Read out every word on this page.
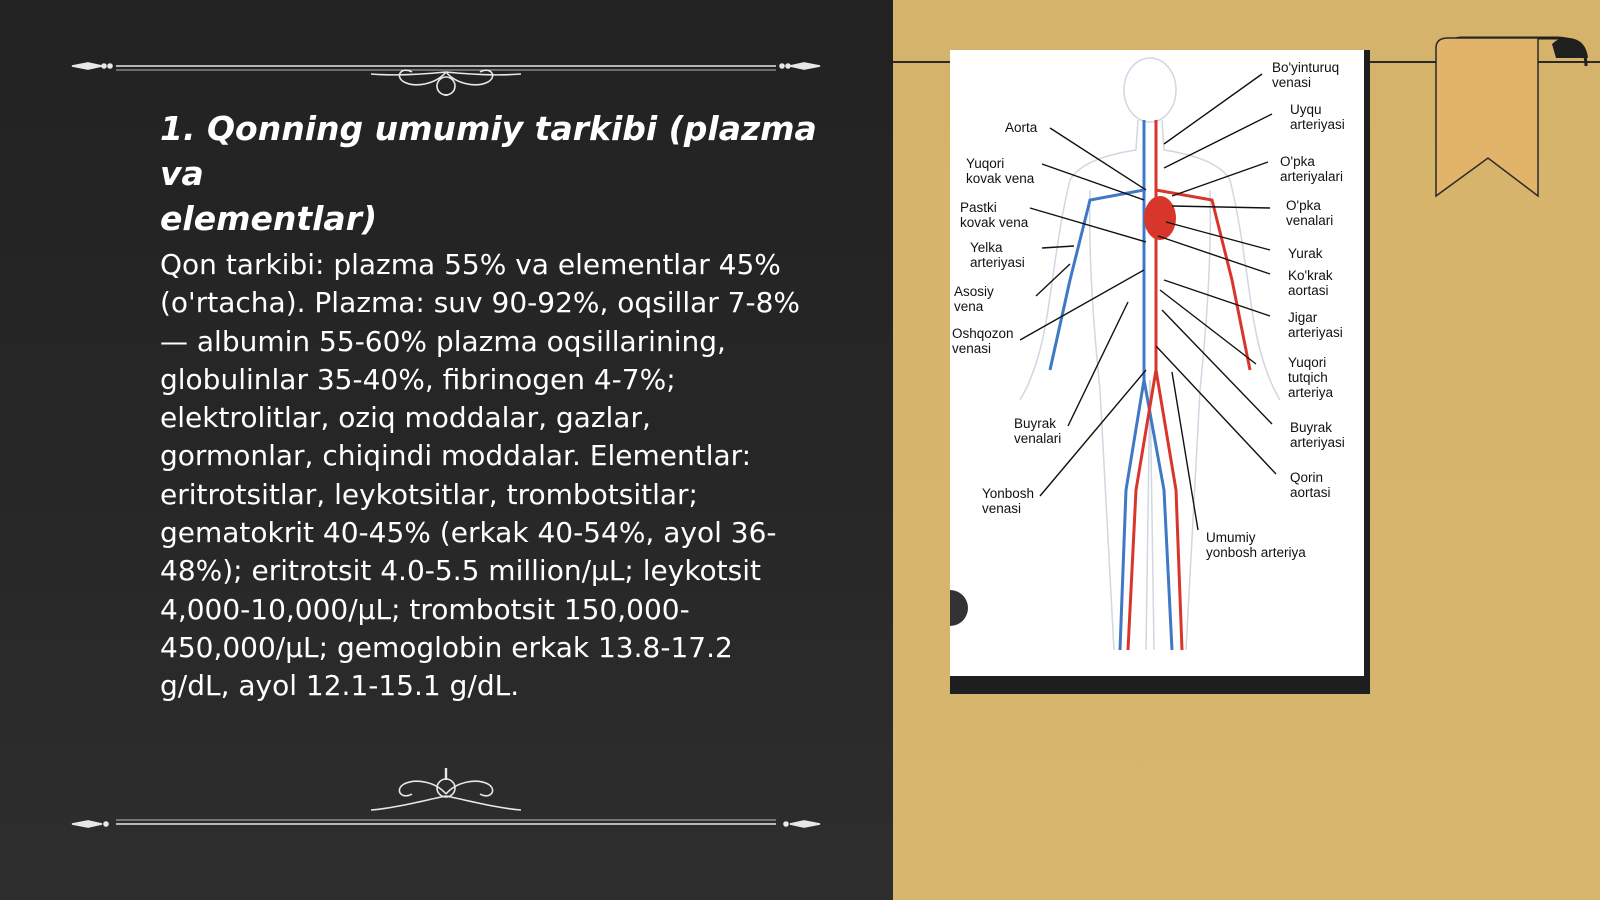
1. Qonning umumiy tarkibi (plazma va
elementlar)

Qon tarkibi: plazma 55% va elementlar 45%
(o'rtacha). Plazma: suv 90-92%, oqsillar 7-8%
— albumin 55-60% plazma oqsillarining,
globulinlar 35-40%, fibrinogen 4-7%;
elektrolitlar, oziq moddalar, gazlar,
gormonlar, chiqindi moddalar. Elementlar:
eritrotsitlar, leykotsitlar, trombotsitlar;
gematokrit 40-45% (erkak 40-54%, ayol 36-
48%); eritrotsit 4.0-5.5 million/µL; leykotsit
4,000-10,000/µL; trombotsit 150,000-
450,000/µL; gemoglobin erkak 13.8-17.2
g/dL, ayol 12.1-15.1 g/dL.

Aorta
Yuqori
kovak vena
Pastki
kovak vena
Yelka
arteriyasi
Asosiy
vena
Oshqozon
venasi
Buyrak
venalari
Yonbosh
venasi
Bo'yinturuq
venasi
Uyqu
arteriyasi
O'pka
arteriyalari
O'pka
venalari
Yurak
Ko'krak
aortasi
Jigar
arteriyasi
Yuqori
tutqich
arteriya
Buyrak
arteriyasi
Qorin
aortasi
Umumiy
yonbosh arteriya
